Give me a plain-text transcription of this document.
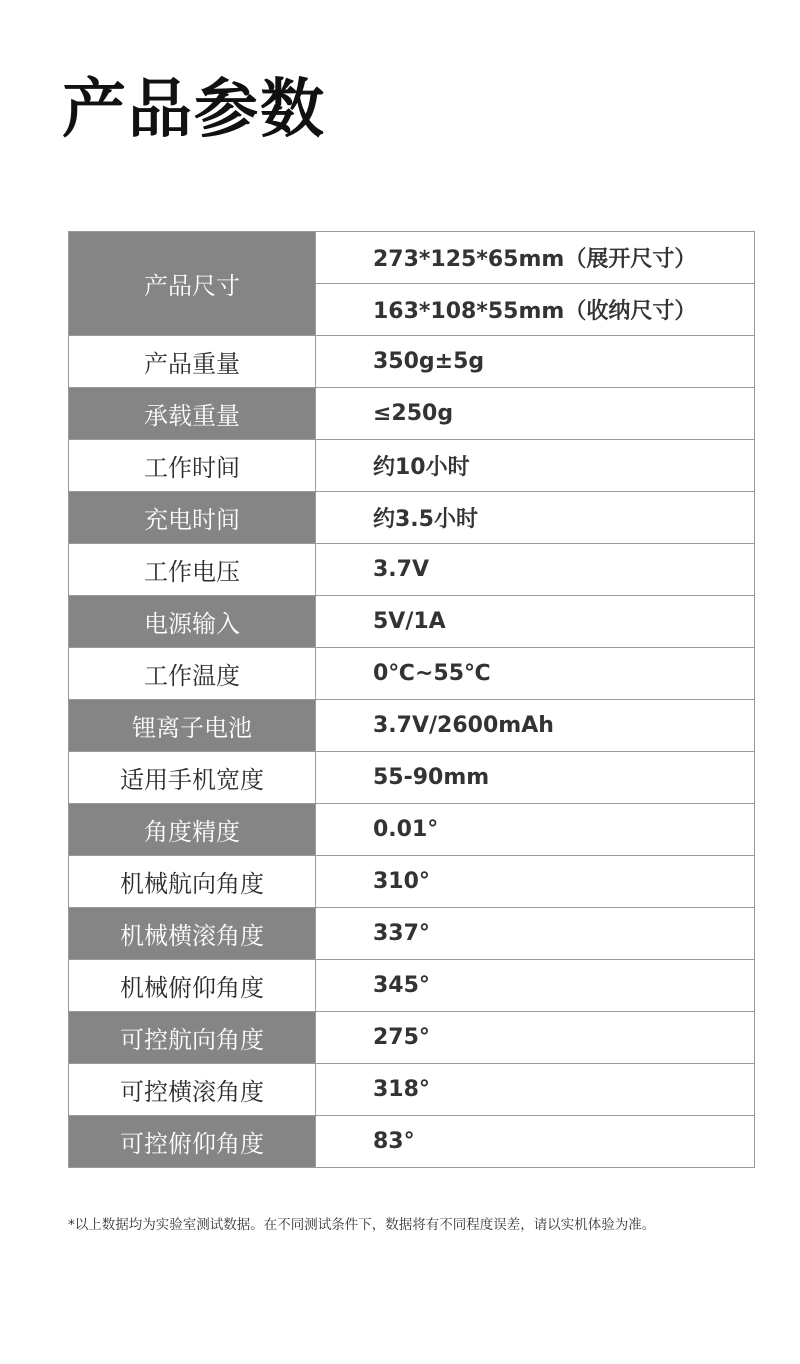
产品参数
产品尺寸	273*125*65mm（展开尺寸）
	163*108*55mm（收纳尺寸）
产品重量	350g±5g
承载重量	≤250g
工作时间	约10小时
充电时间	约3.5小时
工作电压	3.7V
电源输入	5V/1A
工作温度	0℃~55℃
锂离子电池	3.7V/2600mAh
适用手机宽度	55-90mm
角度精度	0.01°
机械航向角度	310°
机械横滚角度	337°
机械俯仰角度	345°
可控航向角度	275°
可控横滚角度	318°
可控俯仰角度	83°

*以上数据均为实验室测试数据。在不同测试条件下，数据将有不同程度误差，请以实机体验为准。
